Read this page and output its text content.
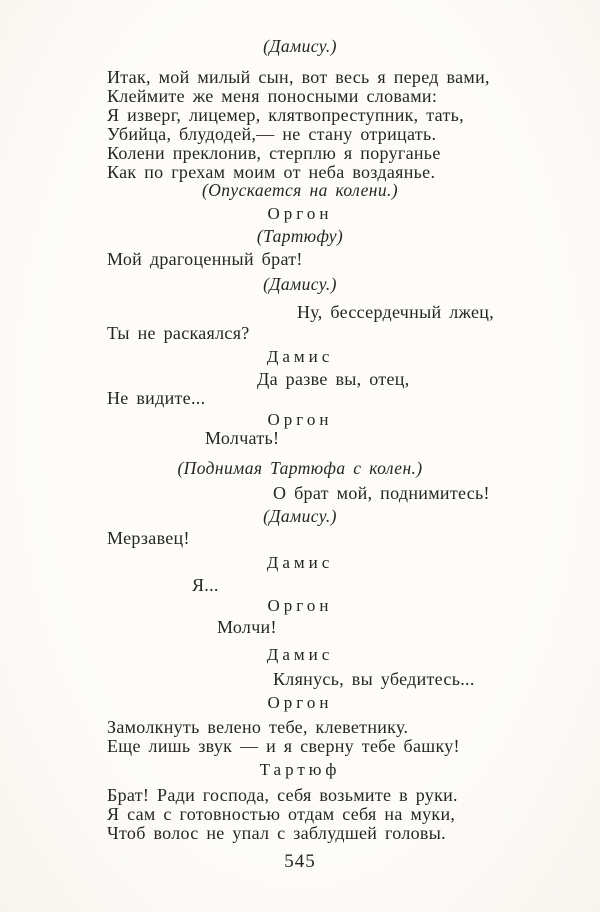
(Дамису.)
Итак, мой милый сын, вот весь я перед вами,
Клеймите же меня поносными словами:
Я изверг, лицемер, клятвопреступник, тать,
Убийца, блудодей,— не стану отрицать.
Колени преклонив, стерплю я поруганье
Как по грехам моим от неба воздаянье.
(Опускается на колени.)
Оргон
(Тартюфу)
Мой драгоценный брат!
(Дамису.)
Ну, бессердечный лжец,
Ты не раскаялся?
Дамис
Да разве вы, отец,
Не видите...
Оргон
Молчать!
(Поднимая Тартюфа с колен.)
О брат мой, поднимитесь!
(Дамису.)
Мерзавец!
Дамис
Я...
Оргон
Молчи!
Дамис
Клянусь, вы убедитесь...
Оргон
Замолкнуть велено тебе, клеветнику.
Еще лишь звук — и я сверну тебе башку!
Тартюф
Брат! Ради господа, себя возьмите в руки.
Я сам с готовностью отдам себя на муки,
Чтоб волос не упал с заблудшей головы.
545
